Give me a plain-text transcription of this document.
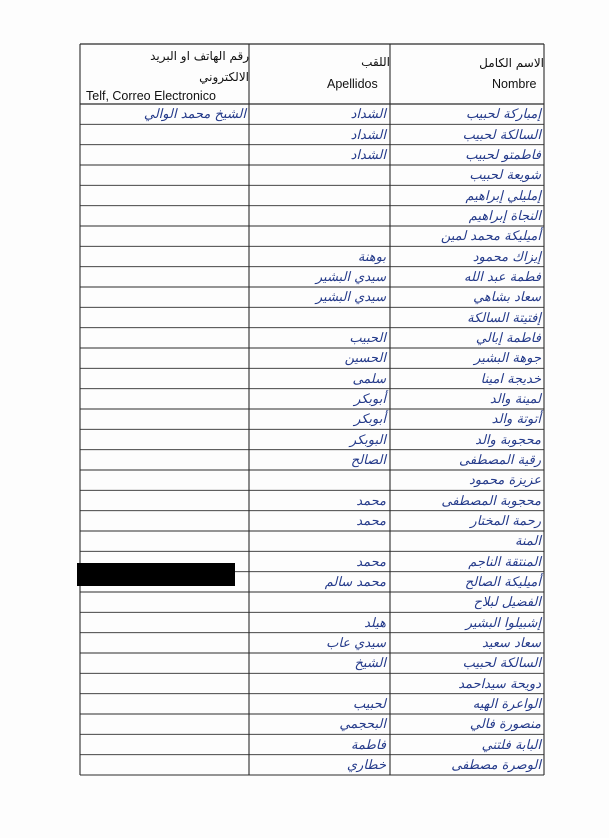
رقم الهاتف او البريد
الالكتروني
Telf, Correo Electronico
اللقب
Apellidos
الاسم الكامل
Nombre
إمباركة لحبيب
الشداد
الشيخ محمد الوالي
السالكة لحبيب
الشداد
فاطمتو لحبيب
الشداد
شويعة لحبيب
إمليلي إبراهيم
النجاة إبراهيم
أميليكة محمد لمين
إيزاك محمود
بوهنة
فطمة عبد الله
سيدي البشير
سعاد بشاهي
سيدي البشير
إفتيتة السالكة
فاطمة إبالي
الحبيب
جوهة البشير
الحسين
خديجة امينا
سلمى
لمينة والد
أبوبكر
أتوتة والد
أبوبكر
محجوبة والد
البوبكر
رقية المصطفى
الصالح
عزيزة محمود
محجوبة المصطفى
محمد
رحمة المختار
محمد
المنة
المنتقة الناجم
محمد
أميليكة الصالح
محمد سالم
الفضيل لبلاح
إشبيلوا البشير
هيلد
سعاد سعيد
سيدي عاب
السالكة لحبيب
الشيخ
دويحة سيداحمد
الواعرة الهيه
لحبيب
منصورة فالي
البحجمي
البابة فلتني
فاطمة
الوصرة مصطفى
خطاري
